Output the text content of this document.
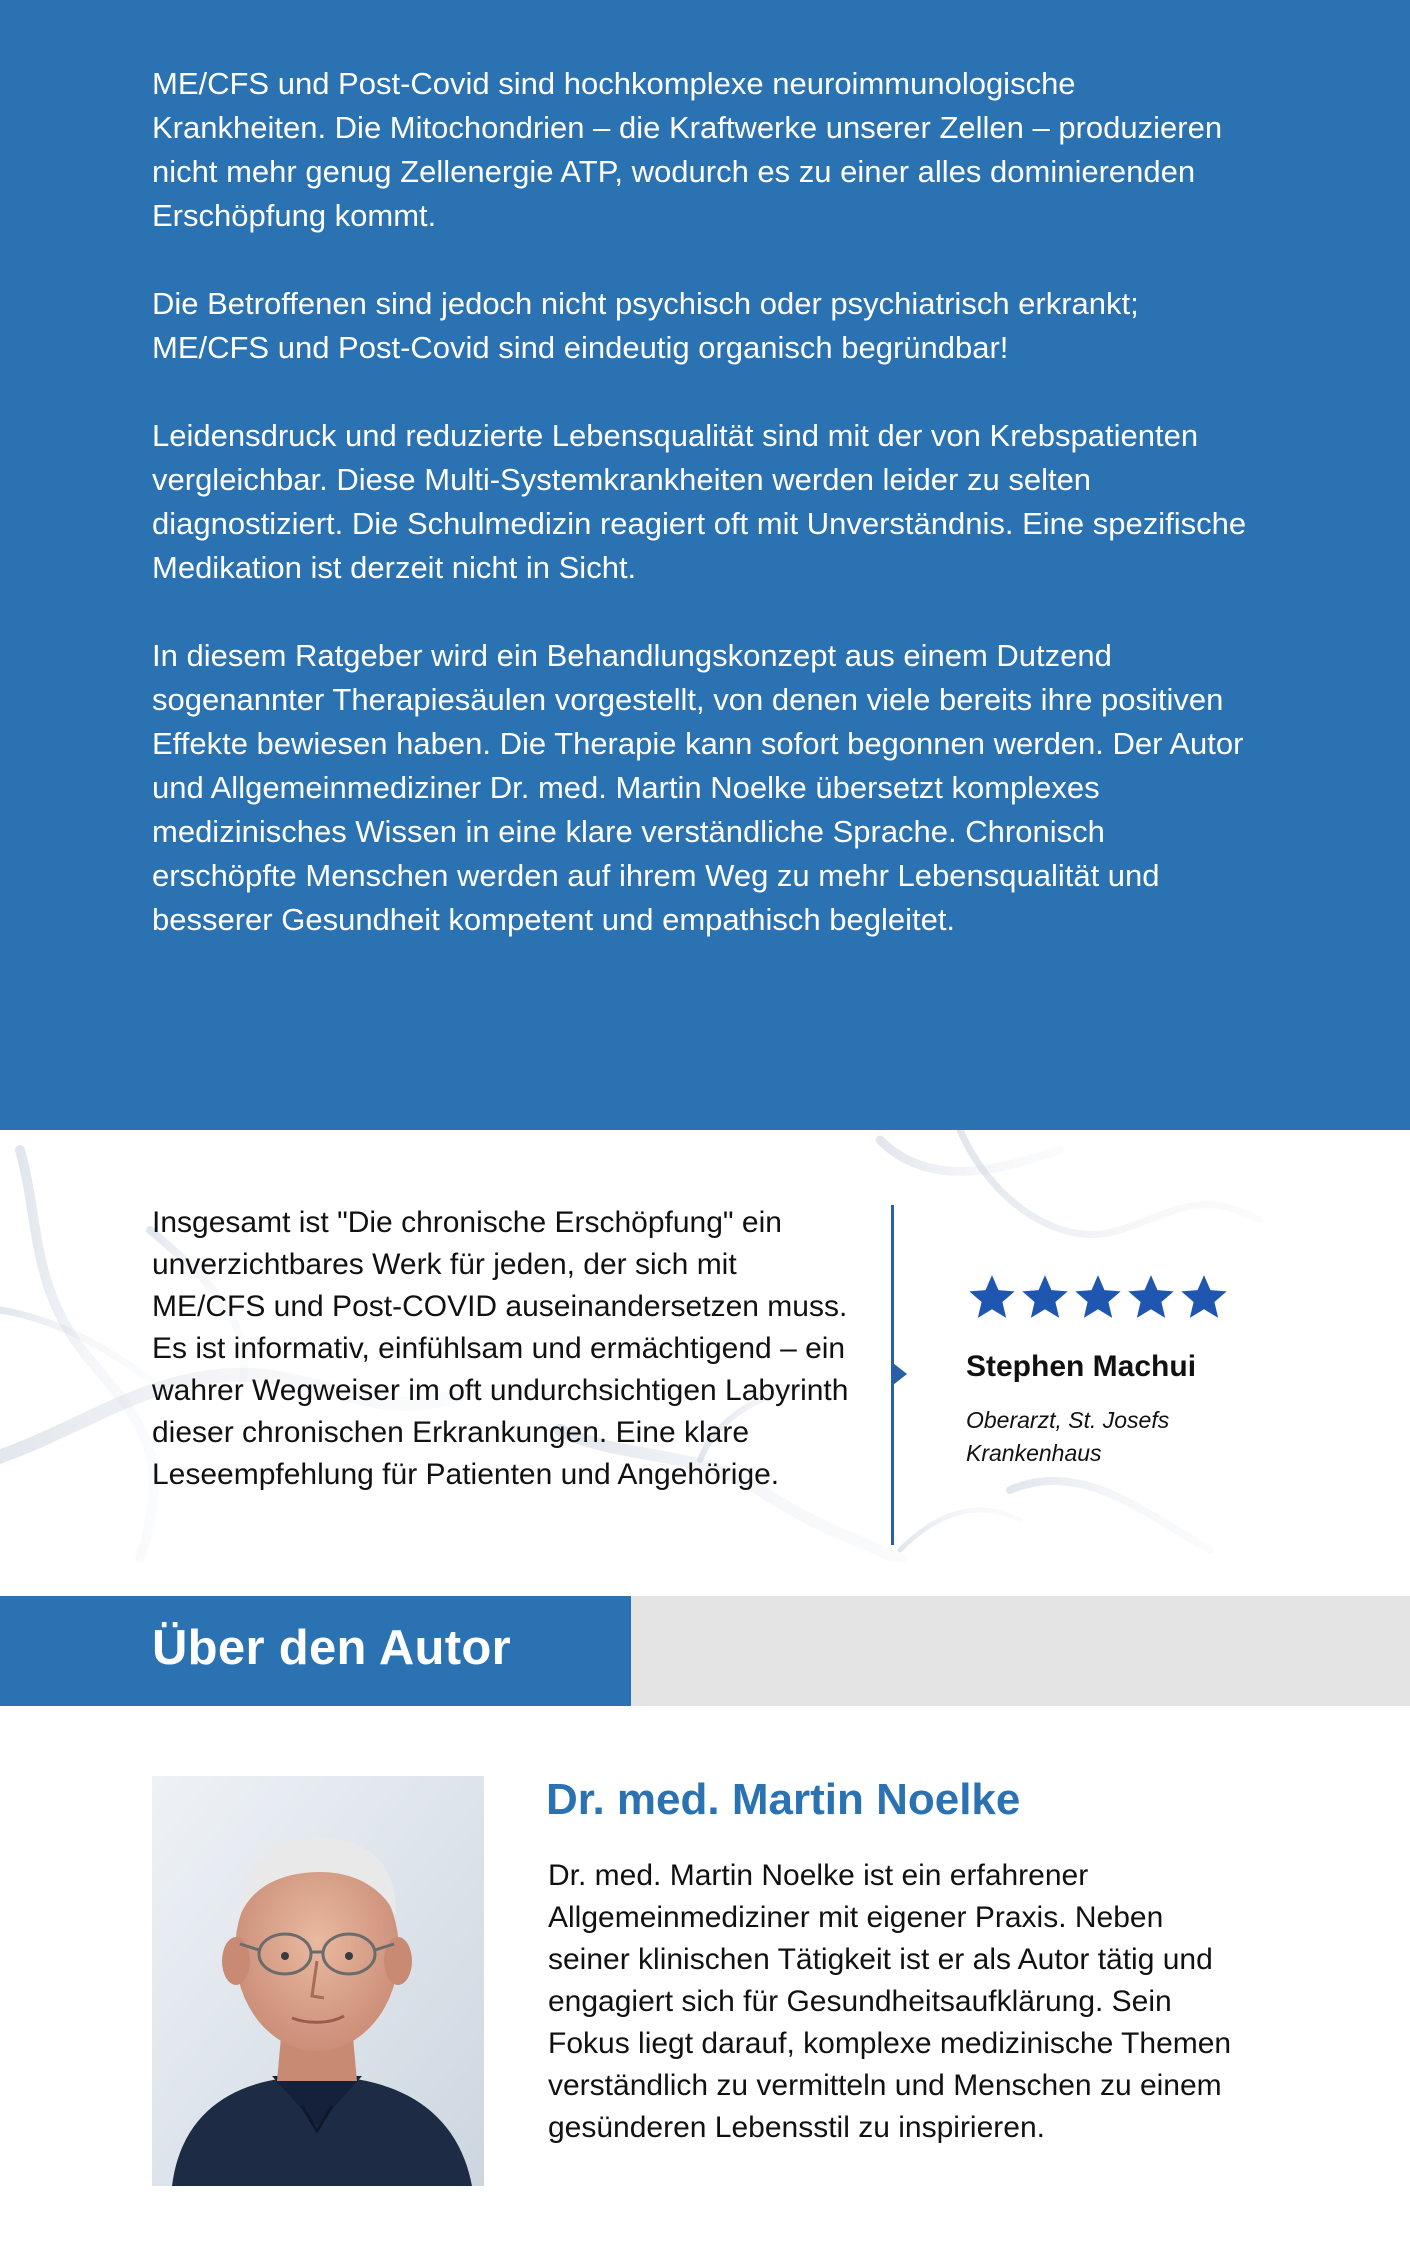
ME/CFS und Post-Covid sind hochkomplexe neuroimmunologische Krankheiten. Die Mitochondrien – die Kraftwerke unserer Zellen – produzieren nicht mehr genug Zellenergie ATP, wodurch es zu einer alles dominierenden Erschöpfung kommt.

Die Betroffenen sind jedoch nicht psychisch oder psychiatrisch erkrankt; ME/CFS und Post-Covid sind eindeutig organisch begründbar!

Leidensdruck und reduzierte Lebensqualität sind mit der von Krebspatienten vergleichbar. Diese Multi-Systemkrankheiten werden leider zu selten diagnostiziert. Die Schulmedizin reagiert oft mit Unverständnis. Eine spezifische Medikation ist derzeit nicht in Sicht.

In diesem Ratgeber wird ein Behandlungskonzept aus einem Dutzend sogenannter Therapiesäulen vorgestellt, von denen viele bereits ihre positiven Effekte bewiesen haben. Die Therapie kann sofort begonnen werden. Der Autor und Allgemeinmediziner Dr. med. Martin Noelke übersetzt komplexes medizinisches Wissen in eine klare verständliche Sprache. Chronisch erschöpfte Menschen werden auf ihrem Weg zu mehr Lebensqualität und besserer Gesundheit kompetent und empathisch begleitet.

Insgesamt ist "Die chronische Erschöpfung" ein unverzichtbares Werk für jeden, der sich mit ME/CFS und Post-COVID auseinandersetzen muss. Es ist informativ, einfühlsam und ermächtigend – ein wahrer Wegweiser im oft undurchsichtigen Labyrinth dieser chronischen Erkrankungen. Eine klare Leseempfehlung für Patienten und Angehörige.

Stephen Machui
Oberarzt, St. Josefs Krankenhaus
Über den Autor
Dr. med. Martin Noelke

Dr. med. Martin Noelke ist ein erfahrener Allgemeinmediziner mit eigener Praxis. Neben seiner klinischen Tätigkeit ist er als Autor tätig und engagiert sich für Gesundheitsaufklärung. Sein Fokus liegt darauf, komplexe medizinische Themen verständlich zu vermitteln und Menschen zu einem gesünderen Lebensstil zu inspirieren.
